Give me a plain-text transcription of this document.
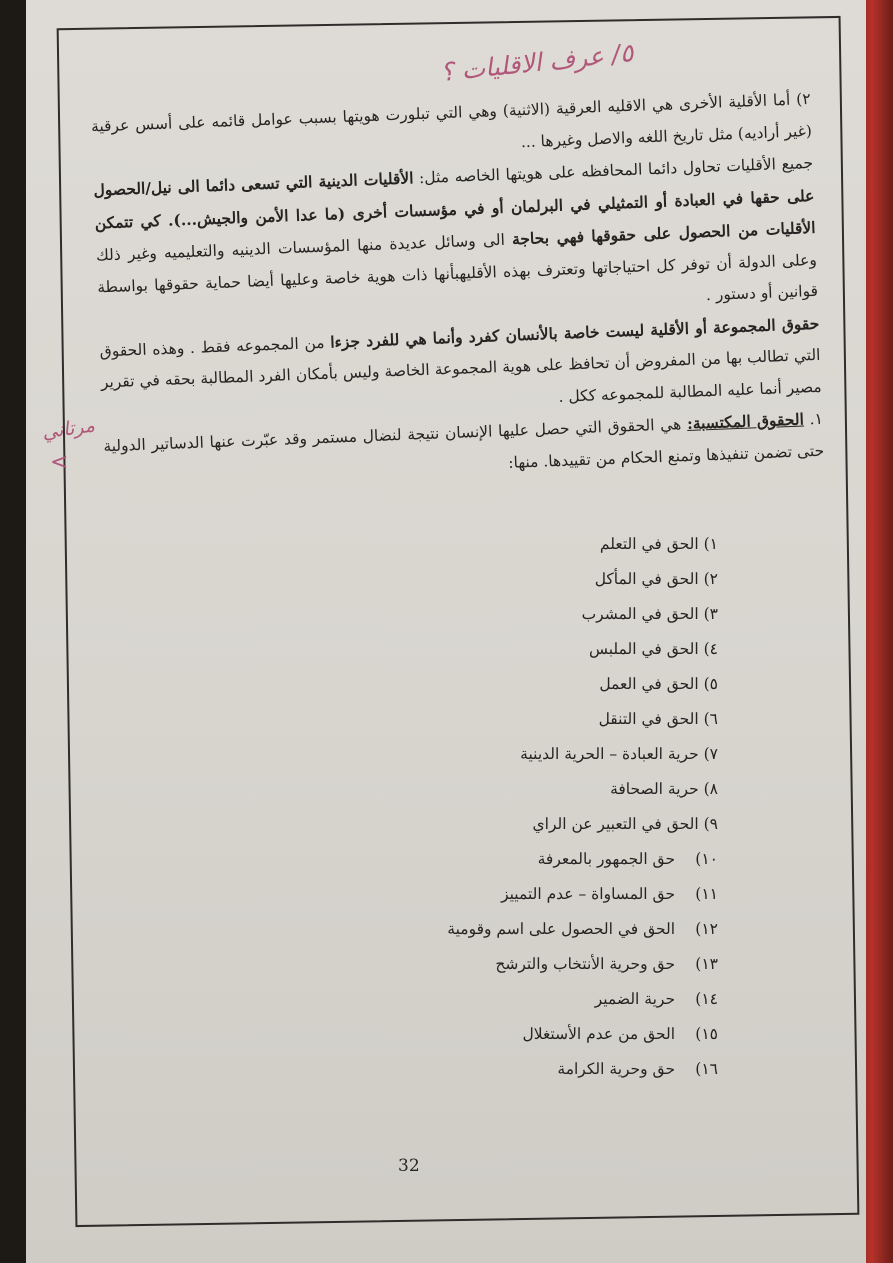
٥/ عرف الاقليات ؟
مرتاني
<

٢) أما الأقلية الأخرى هي الاقليه العرقية (الاثنية) وهي التي تبلورت هويتها بسبب عوامل قائمه على أسس عرقية (غير أراديه) مثل تاريخ اللغه والاصل وغيرها ...

جميع الأقليات تحاول دائما المحافظه على هويتها الخاصه مثل: الأقليات الدينية التي تسعى دائما الى نيل/الحصول على حقها في العبادة أو التمثيلي في البرلمان أو في مؤسسات أخرى (ما عدا الأمن والجيش...). كي تتمكن الأقليات من الحصول على حقوقها فهي بحاجة الى وسائل عديدة منها المؤسسات الدينيه والتعليميه وغير ذلك وعلى الدولة أن توفر كل احتياجاتها وتعترف بهذه الأقليهبأنها ذات هوية خاصة وعليها أيضا حماية حقوقها بواسطة قوانين أو دستور .

حقوق المجموعة أو الأقلية ليست خاصة بالأنسان كفرد وأنما هي للفرد جزءا من المجموعه فقط . وهذه الحقوق التي تطالب بها من المفروض أن تحافظ على هوية المجموعة الخاصة وليس بأمكان الفرد المطالبة بحقه في تقرير مصير أنما عليه المطالبة للمجموعه ككل .

١. الحقوق المكتسبة: هي الحقوق التي حصل عليها الإنسان نتيجة لنضال مستمر وقد عبّرت عنها الدساتير الدولية حتى تضمن تنفيذها وتمنع الحكام من تقييدها. منها:

١) الحق في التعلم
٢) الحق في المأكل
٣) الحق في المشرب
٤) الحق في الملبس
٥) الحق في العمل
٦) الحق في التنقل
٧) حرية العبادة – الحرية الدينية
٨) حرية الصحافة
٩) الحق في التعبير عن الراي
١٠) حق الجمهور بالمعرفة
١١) حق المساواة – عدم التمييز
١٢) الحق في الحصول على اسم وقومية
١٣) حق وحرية الأنتخاب والترشح
١٤) حرية الضمير
١٥) الحق من عدم الأستغلال
١٦) حق وحرية الكرامة
32
